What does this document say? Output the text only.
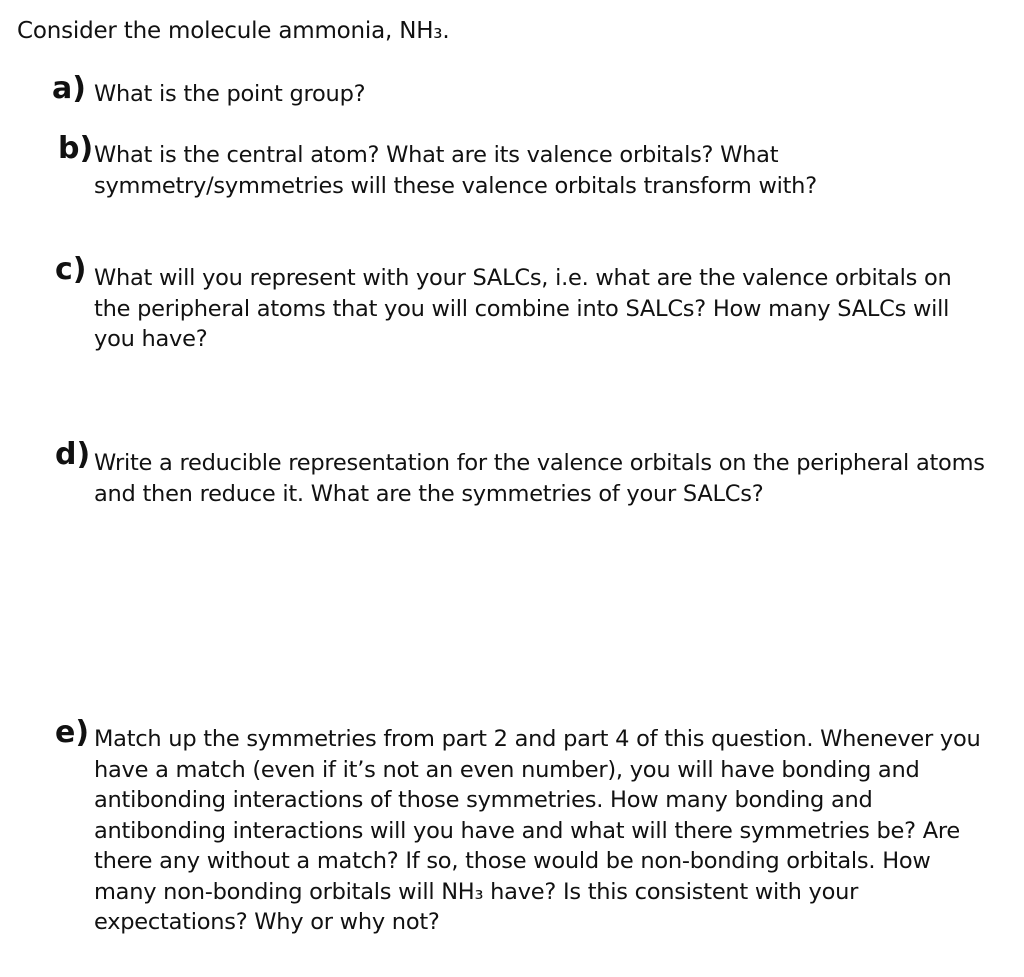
Consider the molecule ammonia, NH₃.
a) What is the point group?
b) What is the central atom? What are its valence orbitals? What
symmetry/symmetries will these valence orbitals transform with?
c) What will you represent with your SALCs, i.e. what are the valence orbitals on
the peripheral atoms that you will combine into SALCs? How many SALCs will
you have?
d) Write a reducible representation for the valence orbitals on the peripheral atoms
and then reduce it. What are the symmetries of your SALCs?
e) Match up the symmetries from part 2 and part 4 of this question. Whenever you
have a match (even if it’s not an even number), you will have bonding and
antibonding interactions of those symmetries. How many bonding and
antibonding interactions will you have and what will there symmetries be? Are
there any without a match? If so, those would be non-bonding orbitals. How
many non-bonding orbitals will NH₃ have? Is this consistent with your
expectations? Why or why not?
